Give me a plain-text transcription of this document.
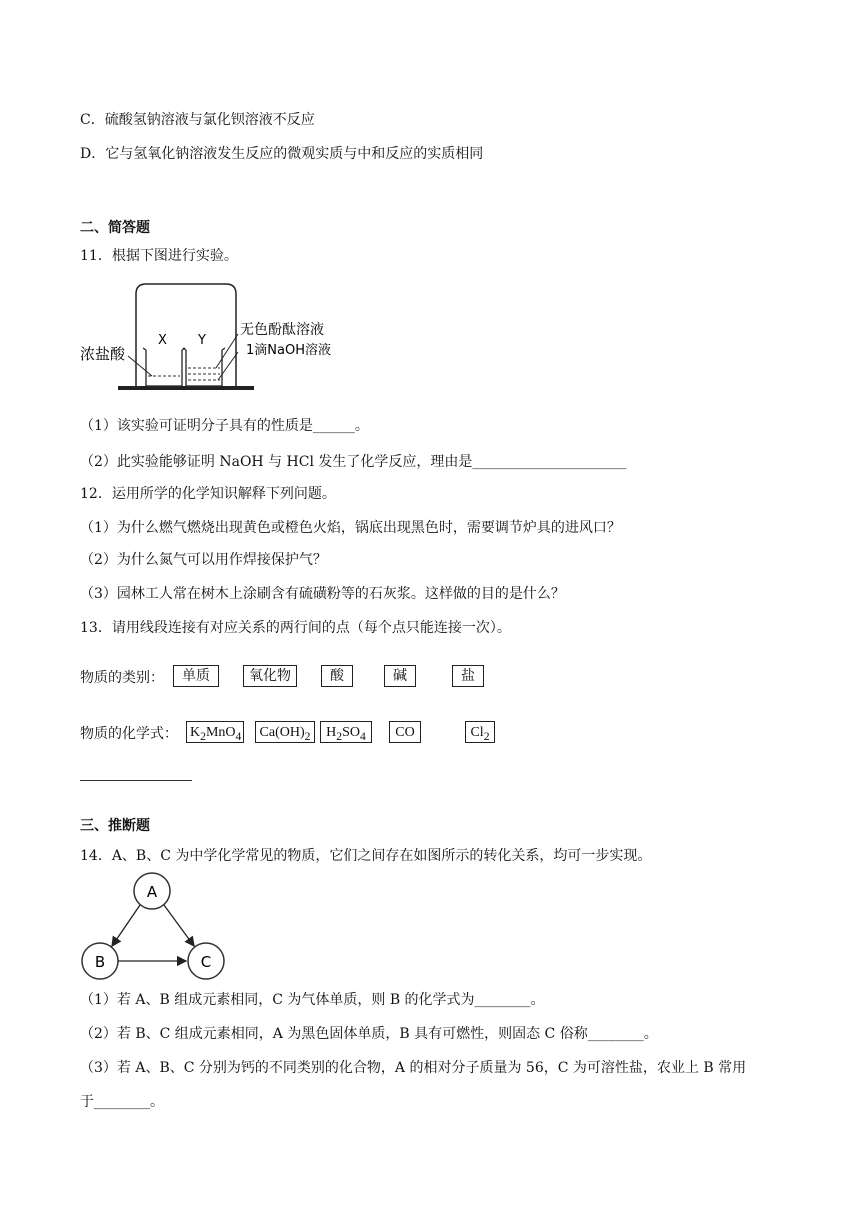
C．硫酸氢钠溶液与氯化钡溶液不反应
D．它与氢氧化钠溶液发生反应的微观实质与中和反应的实质相同
二、简答题
11．根据下图进行实验。
浓盐酸
X Y
无色酚酞溶液
1滴NaOH溶液
（1）该实验可证明分子具有的性质是______。
（2）此实验能够证明 NaOH 与 HCl 发生了化学反应，理由是______________________
12．运用所学的化学知识解释下列问题。
（1）为什么燃气燃烧出现黄色或橙色火焰，锅底出现黑色时，需要调节炉具的进风口？
（2）为什么氮气可以用作焊接保护气？
（3）园林工人常在树木上涂刷含有硫磺粉等的石灰浆。这样做的目的是什么？
13．请用线段连接有对应关系的两行间的点（每个点只能连接一次）。
物质的类别：	单质	氧化物	酸	碱	盐
物质的化学式： $K_2MnO_4$	$Ca(OH)_2$	$H_2SO_4$	CO	$Cl_2$
三、推断题
14．A、B、C 为中学化学常见的物质，它们之间存在如图所示的转化关系，均可一步实现。
A
B	C
（1）若 A、B 组成元素相同，C 为气体单质，则 B 的化学式为________。
（2）若 B、C 组成元素相同，A 为黑色固体单质，B 具有可燃性，则固态 C 俗称________。
（3）若 A、B、C 分别为钙的不同类别的化合物，A 的相对分子质量为 56，C 为可溶性盐，农业上 B 常用
于________。
